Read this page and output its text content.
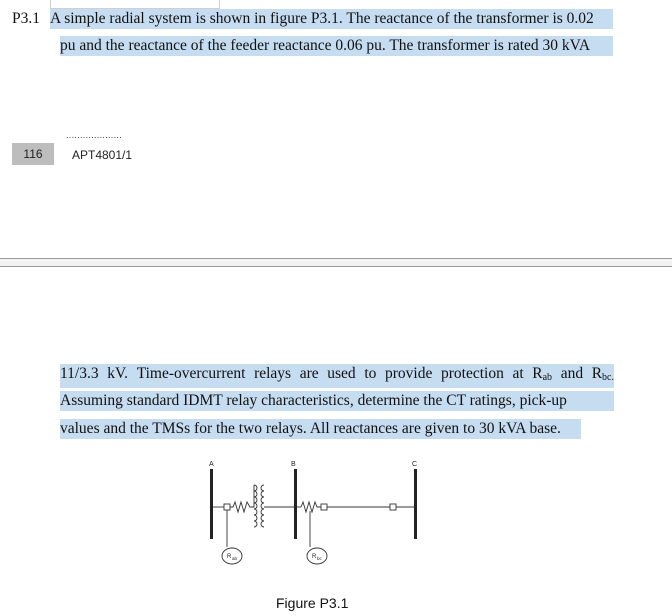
P3.1 A simple radial system is shown in figure P3.1. The reactance of the transformer is 0.02
pu and the reactance of the feeder reactance 0.06 pu. The transformer is rated 30 kVA
....................
116 APT4801/1
11/3.3 kV. Time-overcurrent relays are used to provide protection at $R_{ab}$ and $R_{bc.}$
Assuming standard IDMT relay characteristics, determine the CT ratings, pick-up
values and the TMSs for the two relays. All reactances are given to 30 kVA base.
A	B	C
R ab	R bc
Figure P3.1
